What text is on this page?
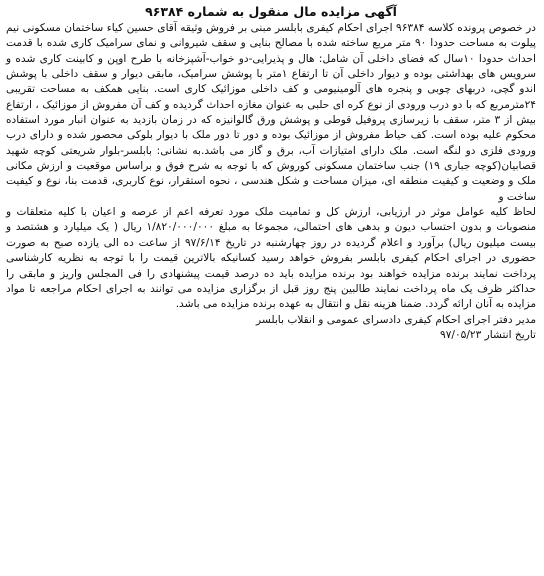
آگهی مزایده مال منقول به شماره ۹۶۳۸۴

در خصوص پرونده کلاسه ۹۶۳۸۴ اجرای احکام کیفری بابلسر مبنی بر فروش وثیقه آقای حسین کیاء ساختمان مسکونی نیم پیلوت به مساحت حدودا ۹۰ متر مربع ساخته شده با مصالح بنایی و سقف شیروانی و نمای سرامیک کاری شده با قدمت احداث حدودا ۱۰سال که فضای داخلی آن شامل: هال و پذیرایی-دو خواب-آشپزخانه با طرح اوپن و کابینت کاری شده و سرویس های بهداشتی بوده و دیوار داخلی آن تا ارتفاع ۱متر با پوشش سرامیک، مابقی دیوار و سقف داخلی با پوشش اندو گچی، دربهای چوبی و پنجره های آلومینیومی و کف داخلی موزائیک کاری است. بنایی همکف به مساحت تقریبی ۲۴مترمربع که با دو درب ورودی از نوع کره ای حلبی به عنوان مغازه احداث گردیده و کف آن مفروش از موزائیک ، ارتفاع بیش از ۳ متر، سقف با زیرسازی پروفیل قوطی و پوشش ورق گالوانیزه که در زمان بازدید به عنوان انبار مورد استفاده محکوم علیه بوده است. کف حیاط مفروش از موزائیک بوده و دور تا دور ملک با دیوار بلوکی محصور شده و دارای درب ورودی فلزی دو لنگه است. ملک دارای امتیازات آب، برق و گاز می باشد.به نشانی: بابلسر-بلوار شریعتی کوچه شهید قصابیان(کوچه جباری ۱۹) جنب ساختمان مسکونی کوروش که با توجه به شرح فوق و براساس موقعیت و ارزش مکانی ملک و وضعیت و کیفیت منطقه ای، میزان مساحت و شکل هندسی ، نحوه استقرار، نوع کاربری، قدمت بنا، نوع و کیفیت ساخت و

لحاظ کلیه عوامل موثر در ارزیابی، ارزش کل و تمامیت ملک مورد تعرفه اعم از عرصه و اعیان با کلیه متعلقات و منصوبات و بدون احتساب دیون و بدهی های احتمالی، مجموعا به مبلغ ۱/۸۲۰/۰۰۰/۰۰۰ ریال ( یک میلیارد و هشتصد و بیست میلیون ریال) برآورد و اعلام گردیده در روز چهارشنبه در تاریخ ۹۷/۶/۱۴ از ساعت ده الی یازده صبح به صورت حضوری در اجرای احکام کیفری بابلسر بفروش خواهد رسید کسانیکه بالاترین قیمت را با توجه به نظریه کارشناسی پرداخت نمایند برنده مزایده خواهند بود برنده مزایده باید ده درصد قیمت پیشنهادی را فی المجلس واریز و مابقی را حداکثر ظرف یک ماه پرداخت نمایند طالبین پنج روز قبل از برگزاری مزایده می توانند به اجرای احکام مراجعه تا مواد مزایده به آنان ارائه گردد. ضمنا هزینه نقل و انتقال به عهده برنده مزایده می باشد.

مدیر دفتر اجرای احکام کیفری دادسرای عمومی و انقلاب بابلسر

تاریخ انتشار ۹۷/۰۵/۲۳
